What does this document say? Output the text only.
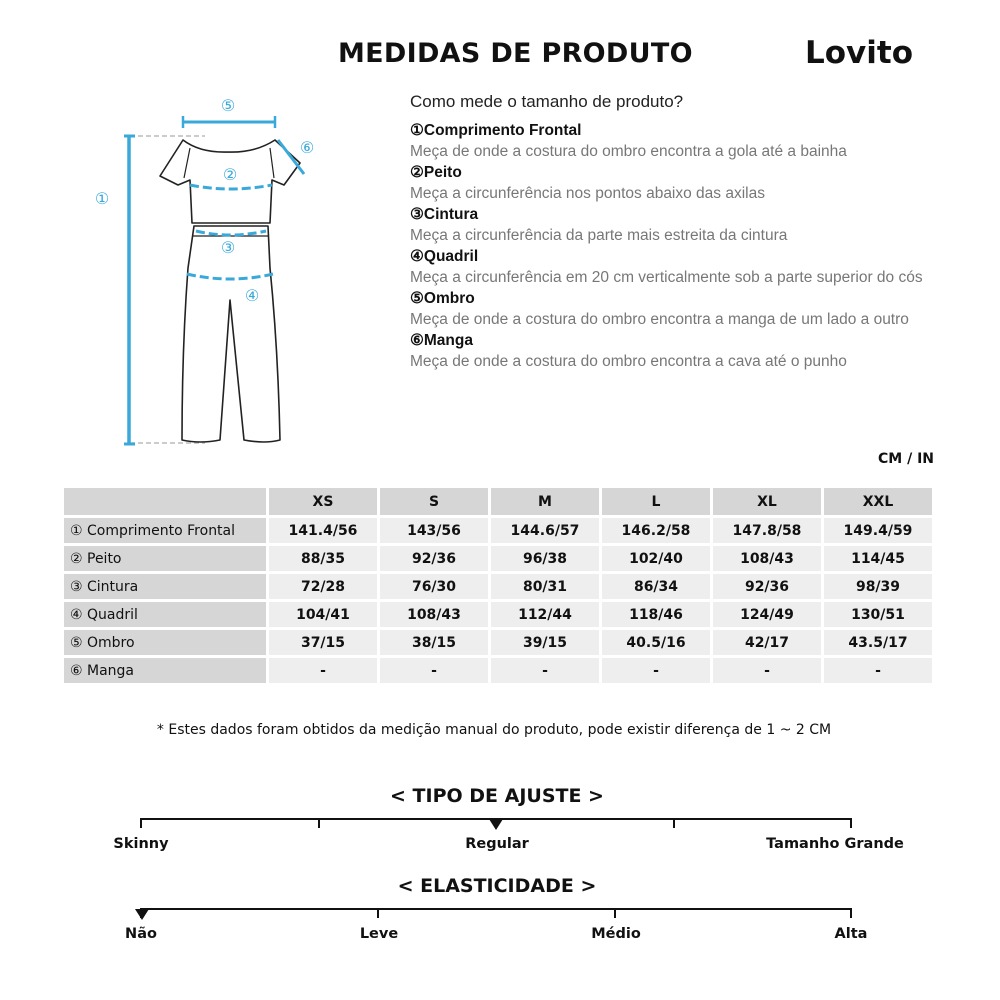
MEDIDAS DE PRODUTO	Lovito
①
②
③
④
⑤
⑥
Como mede o tamanho de produto?
①Comprimento Frontal
Meça de onde a costura do ombro encontra a gola até a bainha
②Peito
Meça a circunferência nos pontos abaixo das axilas
③Cintura
Meça a circunferência da parte mais estreita da cintura
④Quadril
Meça a circunferência em 20 cm verticalmente sob a parte superior do cós
⑤Ombro
Meça de onde a costura do ombro encontra a manga de um lado a outro
⑥Manga
Meça de onde a costura do ombro encontra a cava até o punho
CM / IN
	XS	S	M	L	XL	XXL
① Comprimento Frontal	141.4/56	143/56	144.6/57	146.2/58	147.8/58	149.4/59
② Peito	88/35	92/36	96/38	102/40	108/43	114/45
③ Cintura	72/28	76/30	80/31	86/34	92/36	98/39
④ Quadril	104/41	108/43	112/44	118/46	124/49	130/51
⑤ Ombro	37/15	38/15	39/15	40.5/16	42/17	43.5/17
⑥ Manga	-	-	-	-	-	-
* Estes dados foram obtidos da medição manual do produto, pode existir diferença de 1 ~ 2 CM
< TIPO DE AJUSTE >
Skinny	Regular	Tamanho Grande
< ELASTICIDADE >
Não	Leve	Médio	Alta
